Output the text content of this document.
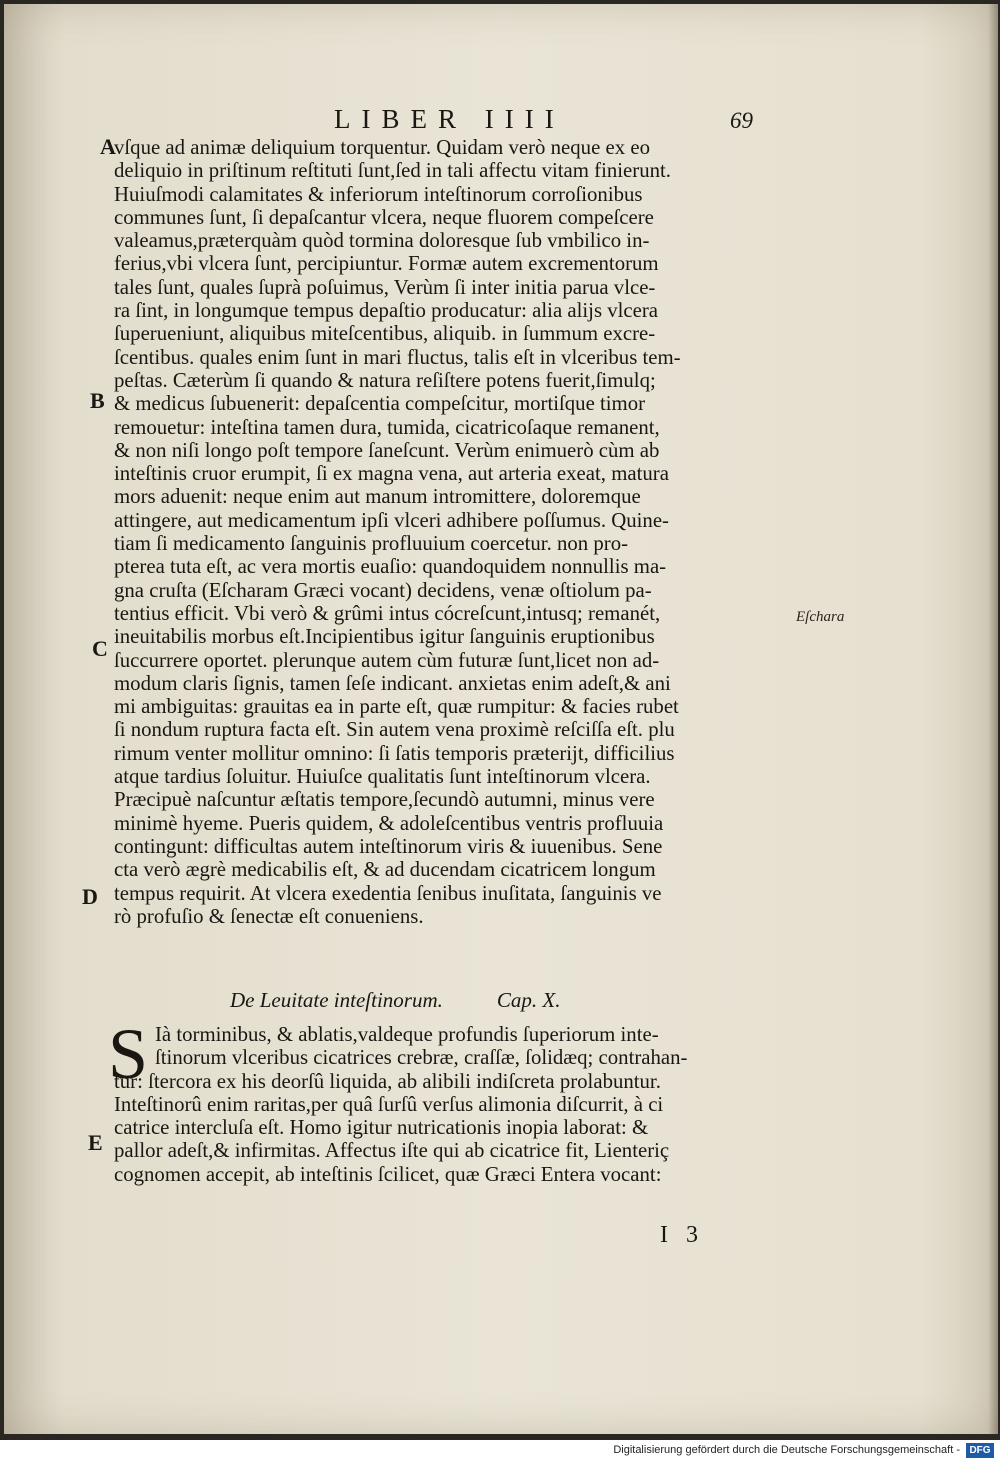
LIBER IIII	69
A
B
C
D
E
Eſchara
vſque ad animæ deliquium torquentur. Quidam verò neque ex eo
deliquio in priſtinum reſtituti ſunt,ſed in tali affectu vitam finierunt.
Huiuſmodi calamitates & inferiorum inteſtinorum corroſionibus
communes ſunt, ſi depaſcantur vlcera, neque fluorem compeſcere
valeamus,præterquàm quòd tormina doloresque ſub vmbilico in-
ferius,vbi vlcera ſunt, percipiuntur. Formæ autem excrementorum
tales ſunt, quales ſuprà poſuimus, Verùm ſi inter initia parua vlce-
ra ſint, in longumque tempus depaſtio producatur: alia alijs vlcera
ſuperueniunt, aliquibus miteſcentibus, aliquib. in ſummum excre-
ſcentibus. quales enim ſunt in mari fluctus, talis eſt in vlceribus tem-
peſtas. Cæterùm ſi quando & natura reſiſtere potens fuerit,ſimulq;
& medicus ſubuenerit: depaſcentia compeſcitur, mortiſque timor
remouetur: inteſtina tamen dura, tumida, cicatricoſaque remanent,
& non niſi longo poſt tempore ſaneſcunt. Verùm enimuerò cùm ab
inteſtinis cruor erumpit, ſi ex magna vena, aut arteria exeat, matura
mors aduenit: neque enim aut manum intromittere, doloremque
attingere, aut medicamentum ipſi vlceri adhibere poſſumus. Quine-
tiam ſi medicamento ſanguinis profluuium coercetur. non pro-
pterea tuta eſt, ac vera mortis euaſio: quandoquidem nonnullis ma-
gna cruſta (Eſcharam Græci vocant) decidens, venæ oſtiolum pa-
tentius efficit. Vbi verò & grûmi intus cócreſcunt,intusq; remanét,
ineuitabilis morbus eſt.Incipientibus igitur ſanguinis eruptionibus
ſuccurrere oportet. plerunque autem cùm futuræ ſunt,licet non ad-
modum claris ſignis, tamen ſeſe indicant. anxietas enim adeſt,& ani
mi ambiguitas: grauitas ea in parte eſt, quæ rumpitur: & facies rubet
ſi nondum ruptura facta eſt. Sin autem vena proximè reſciſſa eſt. plu
rimum venter mollitur omnino: ſi ſatis temporis præterijt, difficilius
atque tardius ſoluitur. Huiuſce qualitatis ſunt inteſtinorum vlcera.
Præcipuè naſcuntur æſtatis tempore,ſecundò autumni, minus vere
minimè hyeme. Pueris quidem, & adoleſcentibus ventris profluuia
contingunt: difficultas autem inteſtinorum viris & iuuenibus. Sene
cta verò ægrè medicabilis eſt, & ad ducendam cicatricem longum
tempus requirit. At vlcera exedentia ſenibus inuſitata, ſanguinis ve
rò profuſio & ſenectæ eſt conueniens.
De Leuitate inteſtinorum.	Cap. X.
S Ià torminibus, & ablatis,valdeque profundis ſuperiorum inte-
ſtinorum vlceribus cicatrices crebræ, craſſæ, ſolidæq; contrahan-
tur: ſtercora ex his deorſû liquida, ab alibili indiſcreta prolabuntur.
Inteſtinorû enim raritas,per quâ ſurſû verſus alimonia diſcurrit, à ci
catrice intercluſa eſt. Homo igitur nutricationis inopia laborat: &
pallor adeſt,& infirmitas. Affectus iſte qui ab cicatrice fit, Lienteriç
cognomen accepit, ab inteſtinis ſcilicet, quæ Græci Entera vocant:
I 3
Digitalisierung gefördert durch die Deutsche Forschungsgemeinschaft - DFG
